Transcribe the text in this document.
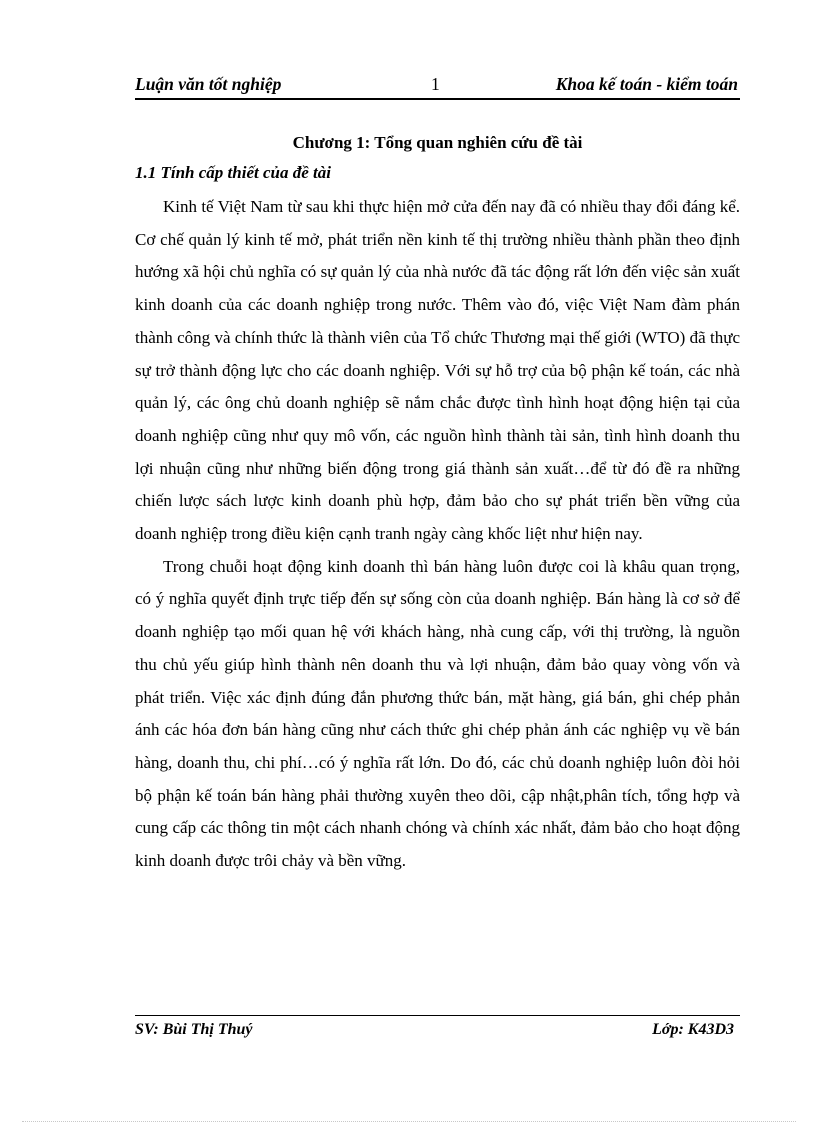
Luận văn tốt nghiệp	1	Khoa kế toán - kiểm toán
Chương 1: Tổng quan nghiên cứu đề tài
1.1 Tính cấp thiết của đề tài

Kinh tế Việt Nam từ sau khi thực hiện mở cửa đến nay đã có nhiều thay đổi đáng kể. Cơ chế quản lý kinh tế mở, phát triển nền kinh tế thị trường nhiều thành phần theo định hướng xã hội chủ nghĩa có sự quản lý của nhà nước đã tác động rất lớn đến việc sản xuất kinh doanh của các doanh nghiệp trong nước. Thêm vào đó, việc Việt Nam đàm phán thành công và chính thức là thành viên của Tổ chức Thương mại thế giới (WTO) đã thực sự trở thành động lực cho các doanh nghiệp. Với sự hỗ trợ của bộ phận kế toán, các nhà quản lý, các ông chủ doanh nghiệp sẽ nắm chắc được tình hình hoạt động hiện tại của doanh nghiệp cũng như quy mô vốn, các nguồn hình thành tài sản, tình hình doanh thu lợi nhuận cũng như những biến động trong giá thành sản xuất…để từ đó đề ra những chiến lược sách lược kinh doanh phù hợp, đảm bảo cho sự phát triển bền vững của doanh nghiệp trong điều kiện cạnh tranh ngày càng khốc liệt như hiện nay.

Trong chuỗi hoạt động kinh doanh thì bán hàng luôn được coi là khâu quan trọng, có ý nghĩa quyết định trực tiếp đến sự sống còn của doanh nghiệp. Bán hàng là cơ sở để doanh nghiệp tạo mối quan hệ với khách hàng, nhà cung cấp, với thị trường, là nguồn thu chủ yếu giúp hình thành nên doanh thu và lợi nhuận, đảm bảo quay vòng vốn và phát triển. Việc xác định đúng đắn phương thức bán, mặt hàng, giá bán, ghi chép phản ánh các hóa đơn bán hàng cũng như cách thức ghi chép phản ánh các nghiệp vụ về bán hàng, doanh thu, chi phí…có ý nghĩa rất lớn. Do đó, các chủ doanh nghiệp luôn đòi hỏi bộ phận kế toán bán hàng phải thường xuyên theo dõi, cập nhật,phân tích, tổng hợp và cung cấp các thông tin một cách nhanh chóng và chính xác nhất, đảm bảo cho hoạt động kinh doanh được trôi chảy và bền vững.

SV: Bùi Thị Thuý	Lớp: K43D3
